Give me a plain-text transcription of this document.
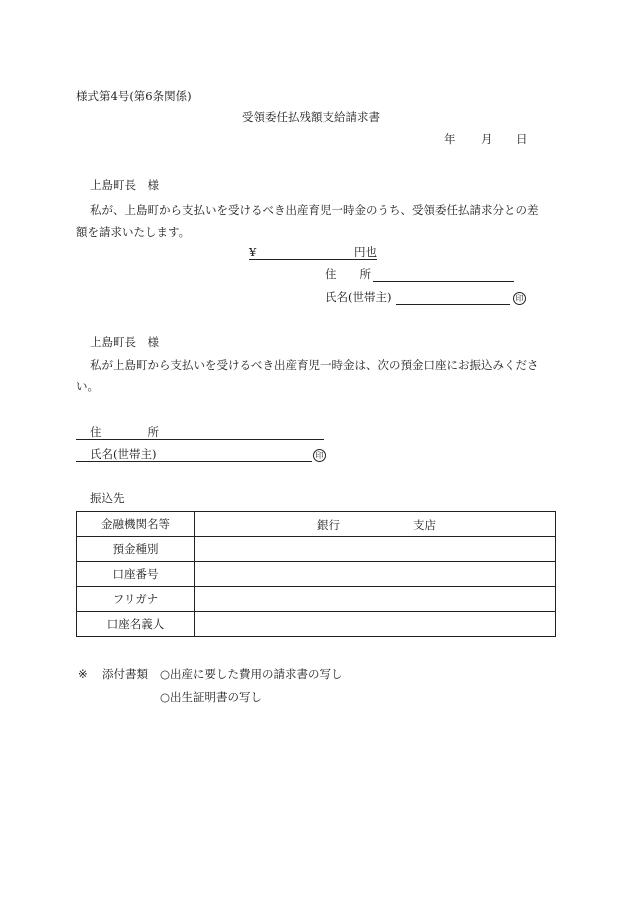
様式第4号(第6条関係)
受領委任払残額支給請求書
年 月 日
上島町長　様
私が、上島町から支払いを受けるべき出産育児一時金のうち、受領委任払請求分との差
額を請求いたします。
¥	円也
住　　所
氏名(世帯主)	印
上島町長　様
私が上島町から支払いを受けるべき出産育児一時金は、次の預金口座にお振込みくださ
い。
住　　　　所
氏名(世帯主)	印
振込先
金融機関名等	銀行 支店

預金種別	
口座番号	
フリガナ	
口座名義人	
※ 添付書類 ○出産に要した費用の請求書の写し
○出生証明書の写し
